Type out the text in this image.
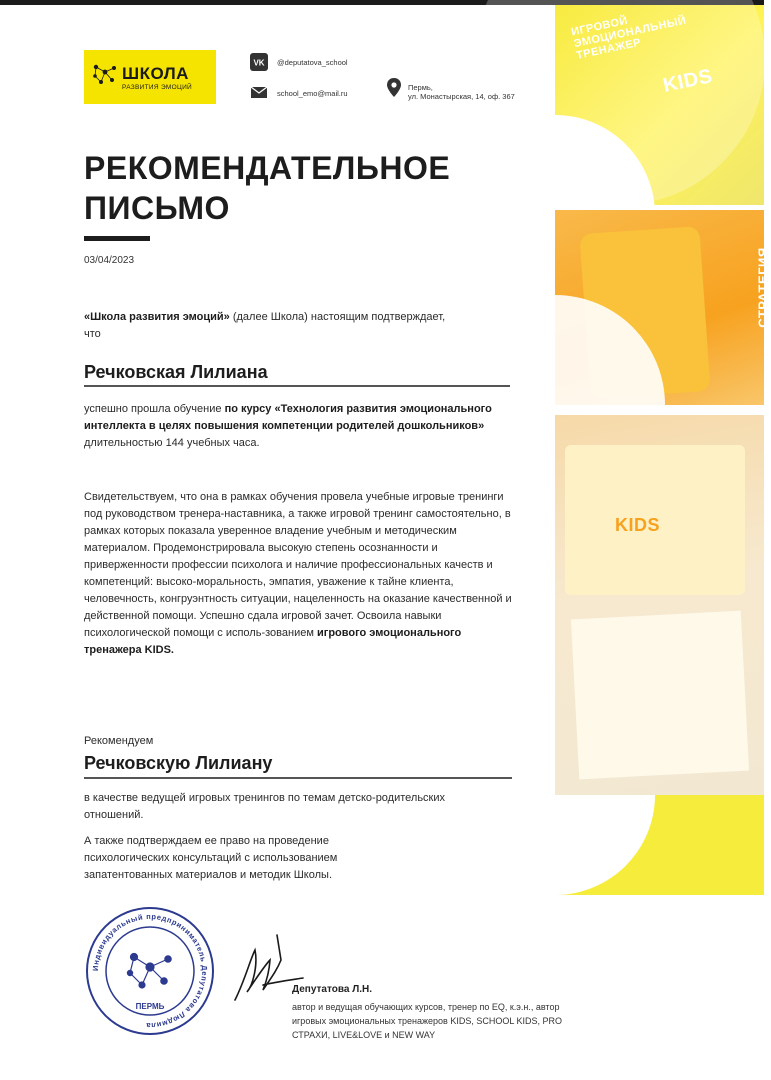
ИГРОВОЙ ЭМОЦИОНАЛЬНЫЙ ТРЕНАЖЕР
KIDS
СТРАТЕГИЯ
KIDS
ШКОЛА
РАЗВИТИЯ ЭМОЦИЙ
VK @deputatova_school
school_emo@mail.ru
Пермь,
ул. Монастырская, 14, оф. 367
РЕКОМЕНДАТЕЛЬНОЕ
ПИСЬМО
03/04/2023
«Школа развития эмоций» (далее Школа) настоящим подтверждает, что
Речковская Лилиана
успешно прошла обучение по курсу «Технология развития эмоционального интеллекта в целях повышения компетенции родителей дошкольников»
длительностью 144 учебных часа.
Свидетельствуем, что она в рамках обучения провела учебные игровые тренинги под руководством тренера-наставника, а также игровой тренинг самостоятельно, в рамках которых показала уверенное владение учебным и методическим материалом. Продемонстрировала высокую степень осознанности и приверженности профессии психолога и наличие профессиональных качеств и компетенций: высоко-моральность, эмпатия, уважение к тайне клиента, человечность, конгруэнтность ситуации, нацеленность на оказание качественной и действенной помощи. Успешно сдала игровой зачет. Освоила навыки психологической помощи с исполь-зованием игрового эмоционального тренажера KIDS.
Рекомендуем
Речковскую Лилиану
в качестве ведущей игровых тренингов по темам детско-родительских отношений.
А также подтверждаем ее право на проведение психологических консультаций с использованием запатентованных материалов и методик Школы.
Индивидуальный предприниматель Депутатова Людмила
ПЕРМЬ
Депутатова Л.Н.
автор и ведущая обучающих курсов, тренер по EQ, к.э.н., автор игровых эмоциональных тренажеров KIDS, SCHOOL KIDS, PRO СТРАХИ, LIVE&LOVE и NEW WAY
